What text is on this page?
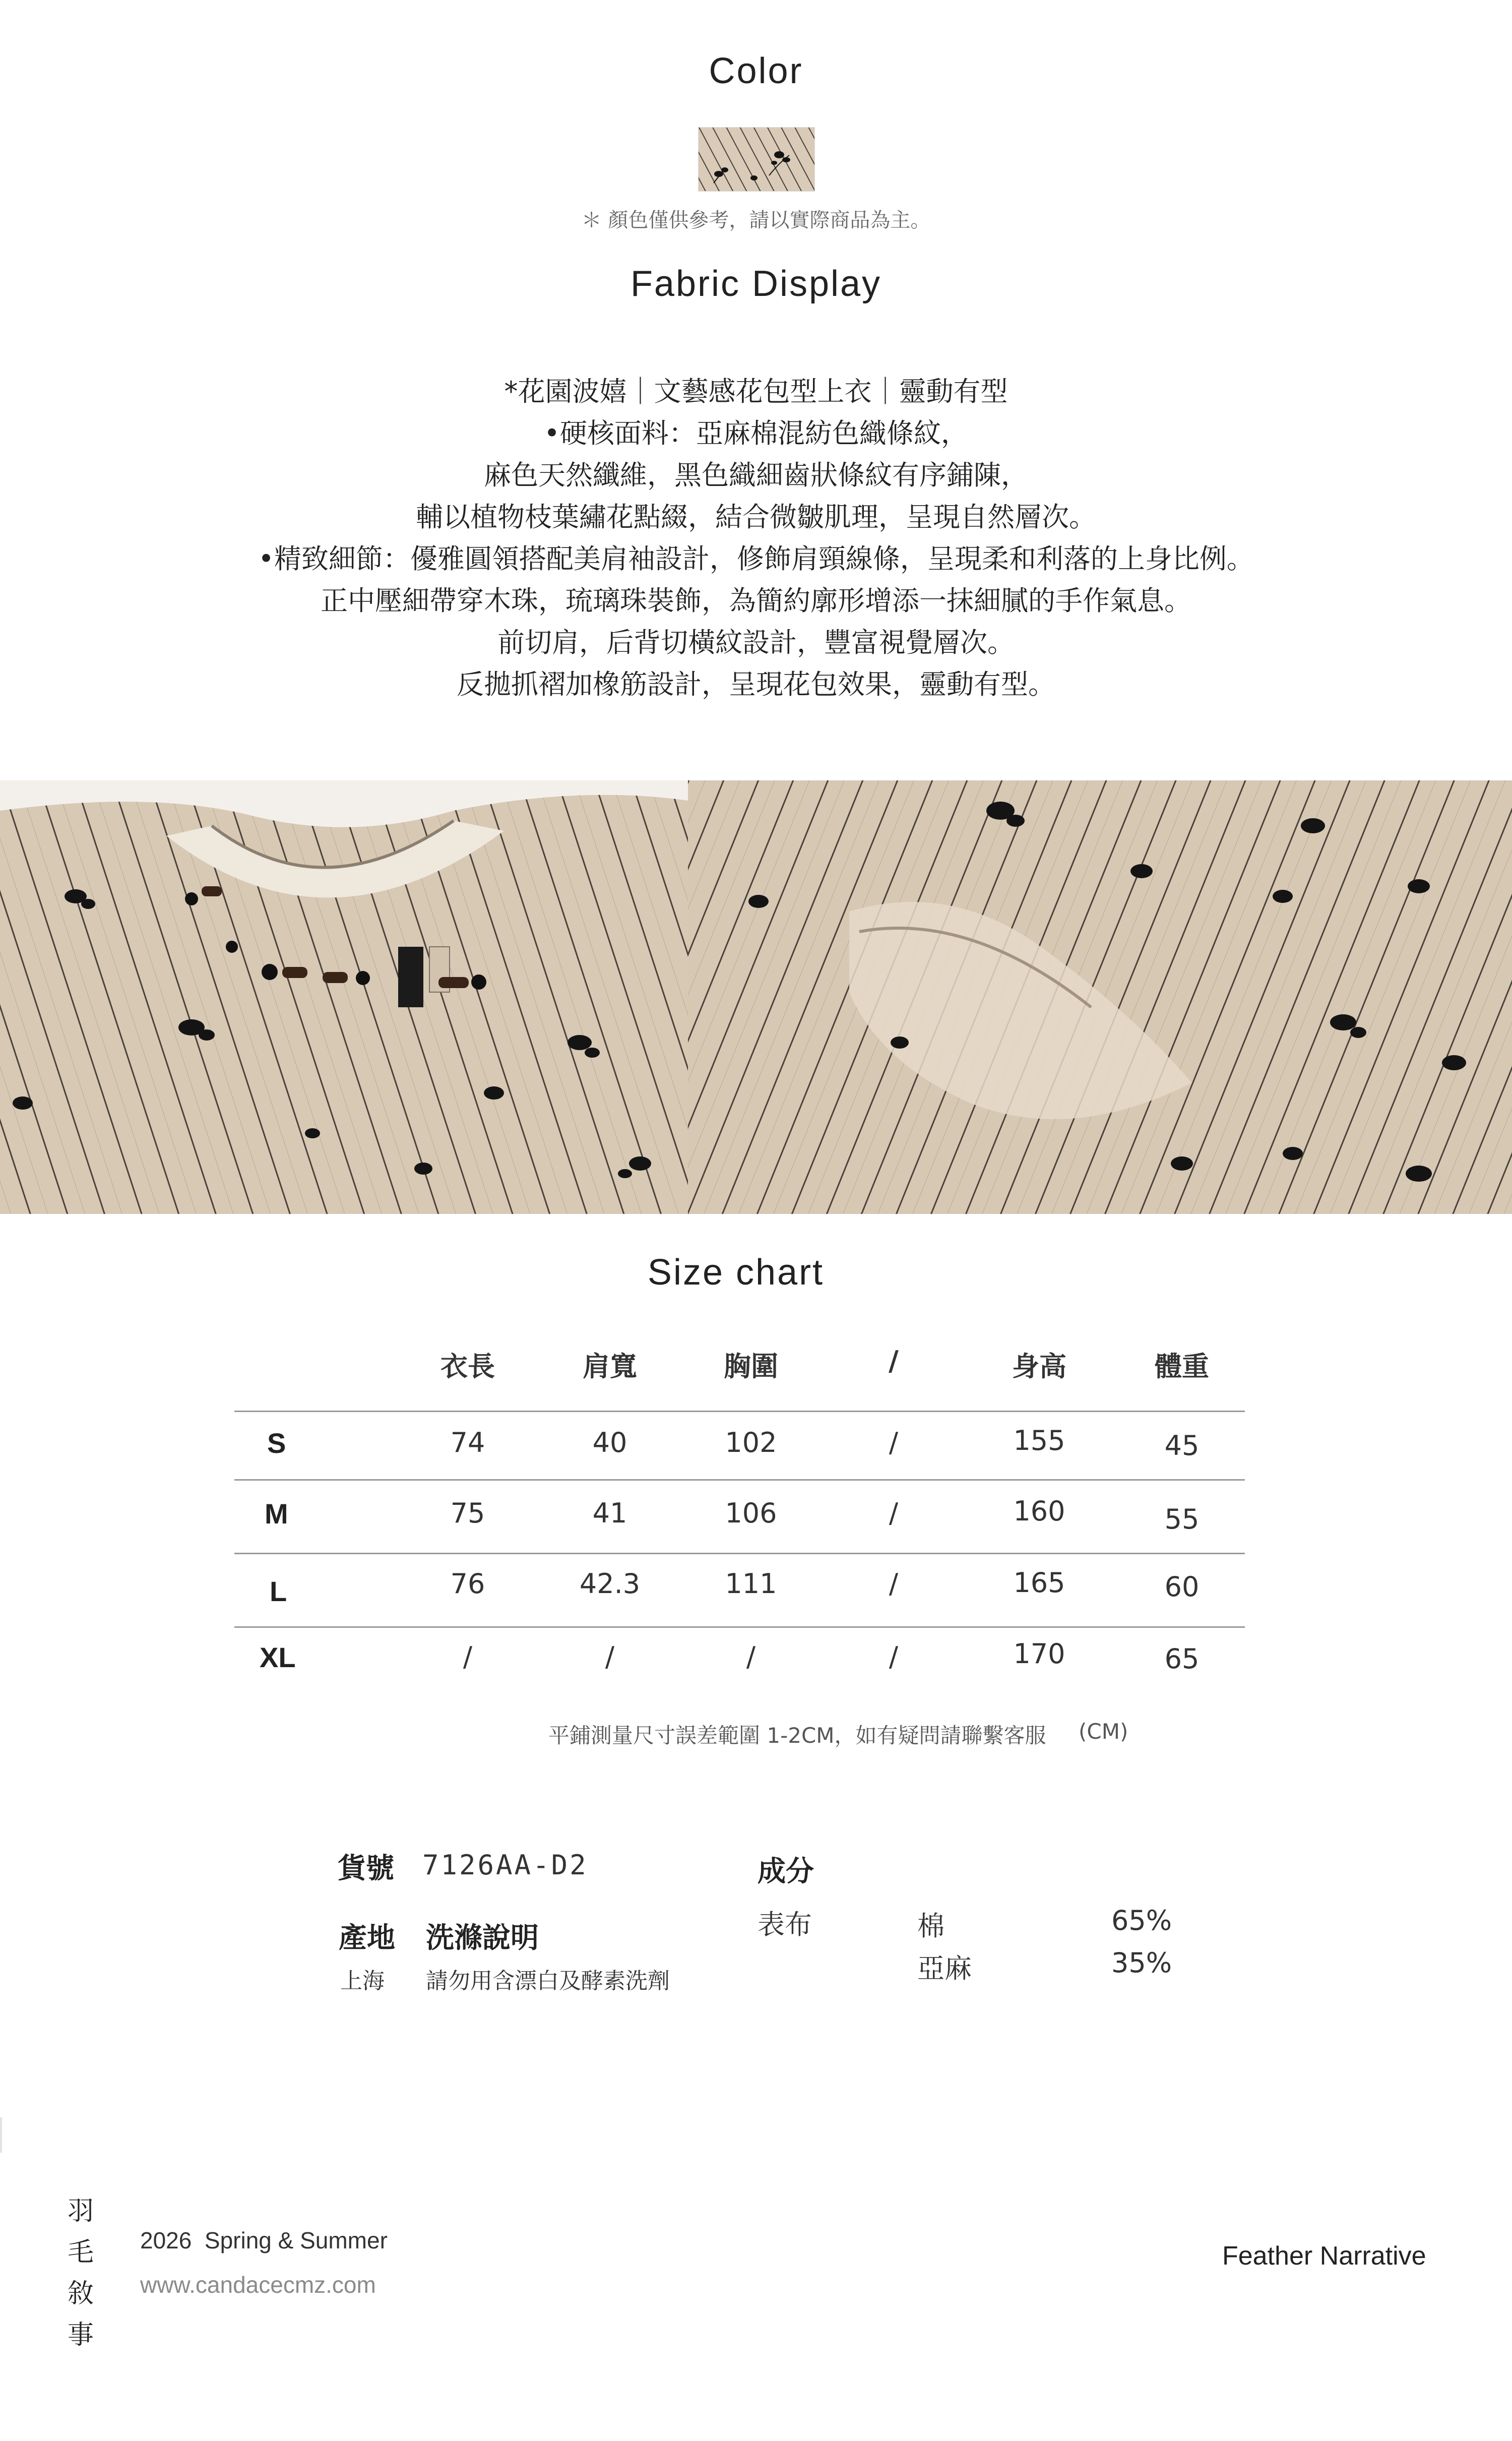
Color
＊ 顏色僅供參考，請以實際商品為主。
Fabric Display
*花園波嬉｜文藝感花包型上衣｜靈動有型
•硬核面料：亞麻棉混紡色織條紋，
麻色天然纖維，黑色織細齒狀條紋有序鋪陳，
輔以植物枝葉繡花點綴，結合微皺肌理，呈現自然層次。
•精致細節：優雅圓領搭配美肩袖設計，修飾肩頸線條，呈現柔和利落的上身比例。
正中壓細帶穿木珠，琉璃珠裝飾，為簡約廓形增添一抹細膩的手作氣息。
前切肩，后背切橫紋設計，豐富視覺層次。
反拋抓褶加橡筋設計，呈現花包效果，靈動有型。
Size chart
衣長	肩寬	胸圍	/	身高	體重
S	74	40	102	/	155	45
M	75	41	106	/	160	55
L	76	42.3	111	/	165	60
XL	/	/	/	/	170	65
平鋪測量尺寸誤差範圍 1-2CM，如有疑問請聯繫客服 (CM)
貨號 7126AA-D2
產地 洗滌說明
上海 請勿用含漂白及酵素洗劑
成分
表布	棉	65%
亞麻	35%
羽
毛
敘
事
2026  Spring & Summer
www.candacecmz.com
Feather Narrative
